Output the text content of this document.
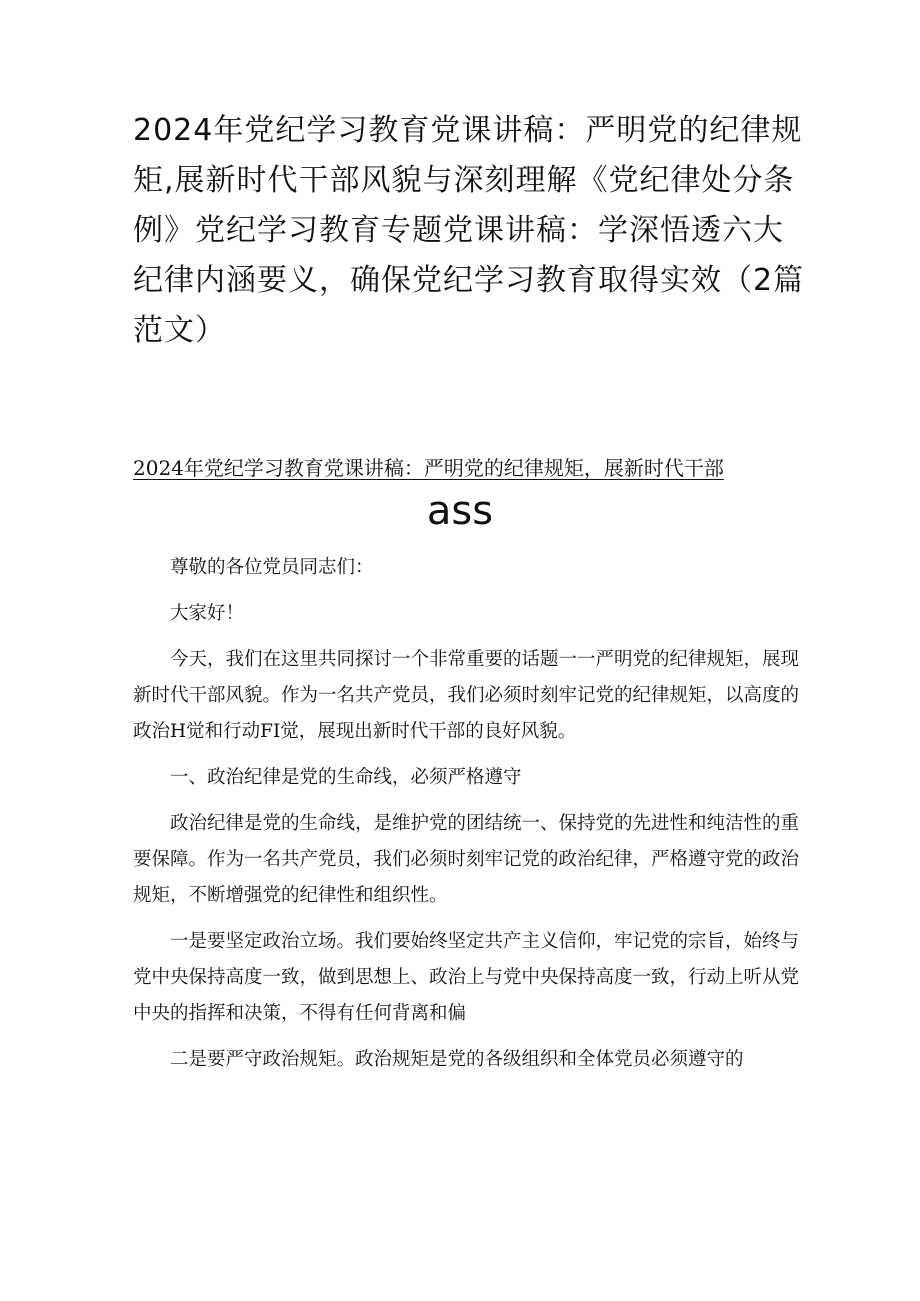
2024年党纪学习教育党课讲稿：严明党的纪律规矩,展新时代干部风貌与深刻理解《党纪律处分条例》党纪学习教育专题党课讲稿：学深悟透六大纪律内涵要义，确保党纪学习教育取得实效（2篇范文）
2024年党纪学习教育党课讲稿：严明党的纪律规矩，展新时代干部
ass

尊敬的各位党员同志们：

大家好！

今天，我们在这里共同探讨一个非常重要的话题一一严明党的纪律规矩，展现新时代干部风貌。作为一名共产党员，我们必须时刻牢记党的纪律规矩，以高度的政治H觉和行动FI觉，展现出新时代干部的良好风貌。

一、政治纪律是党的生命线，必须严格遵守

政治纪律是党的生命线，是维护党的团结统一、保持党的先进性和纯洁性的重要保障。作为一名共产党员，我们必须时刻牢记党的政治纪律，严格遵守党的政治规矩，不断增强党的纪律性和组织性。

一是要坚定政治立场。我们要始终坚定共产主义信仰，牢记党的宗旨，始终与党中央保持高度一致，做到思想上、政治上与党中央保持高度一致，行动上听从党中央的指挥和决策，不得有任何背离和偏

二是要严守政治规矩。政治规矩是党的各级组织和全体党员必须遵守的
